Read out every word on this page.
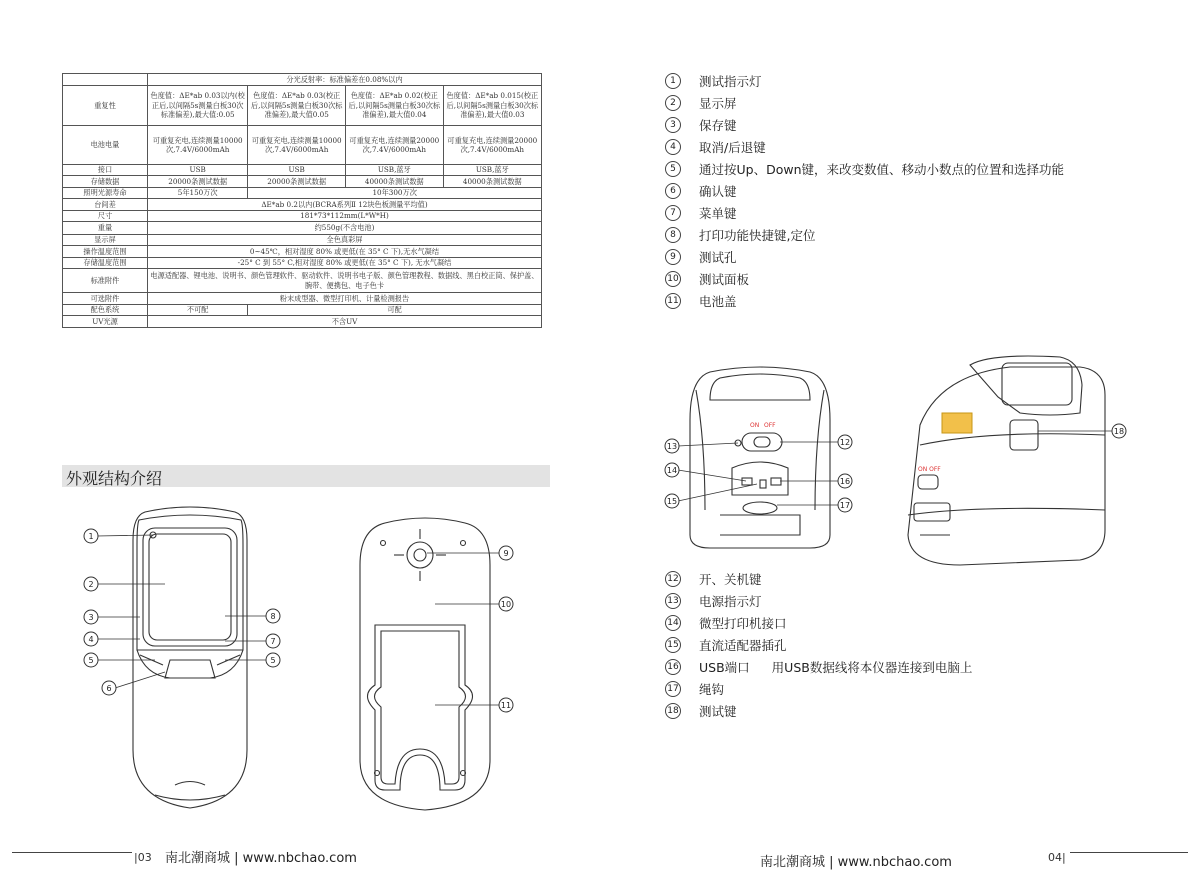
	分光反射率：标准偏差在0.08%以内			
重复性	色度值：ΔE*ab 0.03以内(校正后,以间隔5s测量白板30次标准偏差),最大值:0.05	色度值：ΔE*ab 0.03(校正后,以间隔5s测量白板30次标准偏差),最大值0.05	色度值：ΔE*ab 0.02(校正后,以间隔5s测量白板30次标准偏差),最大值0.04	色度值：ΔE*ab 0.015(校正后,以间隔5s测量白板30次标准偏差),最大值0.03
电池电量	可重复充电,连续测量10000次,7.4V/6000mAh	可重复充电,连续测量10000次,7.4V/6000mAh	可重复充电,连续测量20000次,7.4V/6000mAh	可重复充电,连续测量20000次,7.4V/6000mAh
接口	USB	USB	USB,蓝牙	USB,蓝牙
存储数据	20000条测试数据	20000条测试数据	40000条测试数据	40000条测试数据
照明光源寿命	5年150万次	10年300万次		
台间差	ΔE*ab 0.2以内(BCRA系列Ⅱ 12块色板测量平均值)			
尺寸	181*73*112mm(L*W*H)			
重量	约550g(不含电池)			
显示屏	全色真彩屏			
操作温度范围	0~45℃，相对湿度 80% 或更低(在 35° C 下),无水气凝结			
存储温度范围	-25° C 到 55° C,相对湿度 80% 或更低(在 35° C 下), 无水气凝结			
标准附件	电源适配器、锂电池、说明书、颜色管理软件、驱动软件、说明书电子版、颜色管理教程、数据线、黑白校正筒、保护盖、腕带、便携包、电子色卡			
可选附件	粉末成型器、微型打印机、计量检测报告			
配色系统	不可配	可配		
UV光源	不含UV			
外观结构介绍
1
2
3
4
5
6
8
7
5
9
10
11
1	测试指示灯
2	显示屏
3	保存键
4	取消/后退键
5	通过按Up、Down键，来改变数值、移动小数点的位置和选择功能
6	确认键
7	菜单键
8	打印功能快捷键,定位
9	测试孔
10 测试面板
11 电池盖
ON OFF
13
14
15
12
16
17
ON OFF
18
12 开、关机键
13 电源指示灯
14 微型打印机接口
15 直流适配器插孔
16 USB端口 用USB数据线将本仪器连接到电脑上
17 绳钩
18 测试键
|03 南北潮商城 | www.nbchao.com	南北潮商城 | www.nbchao.com	04|
